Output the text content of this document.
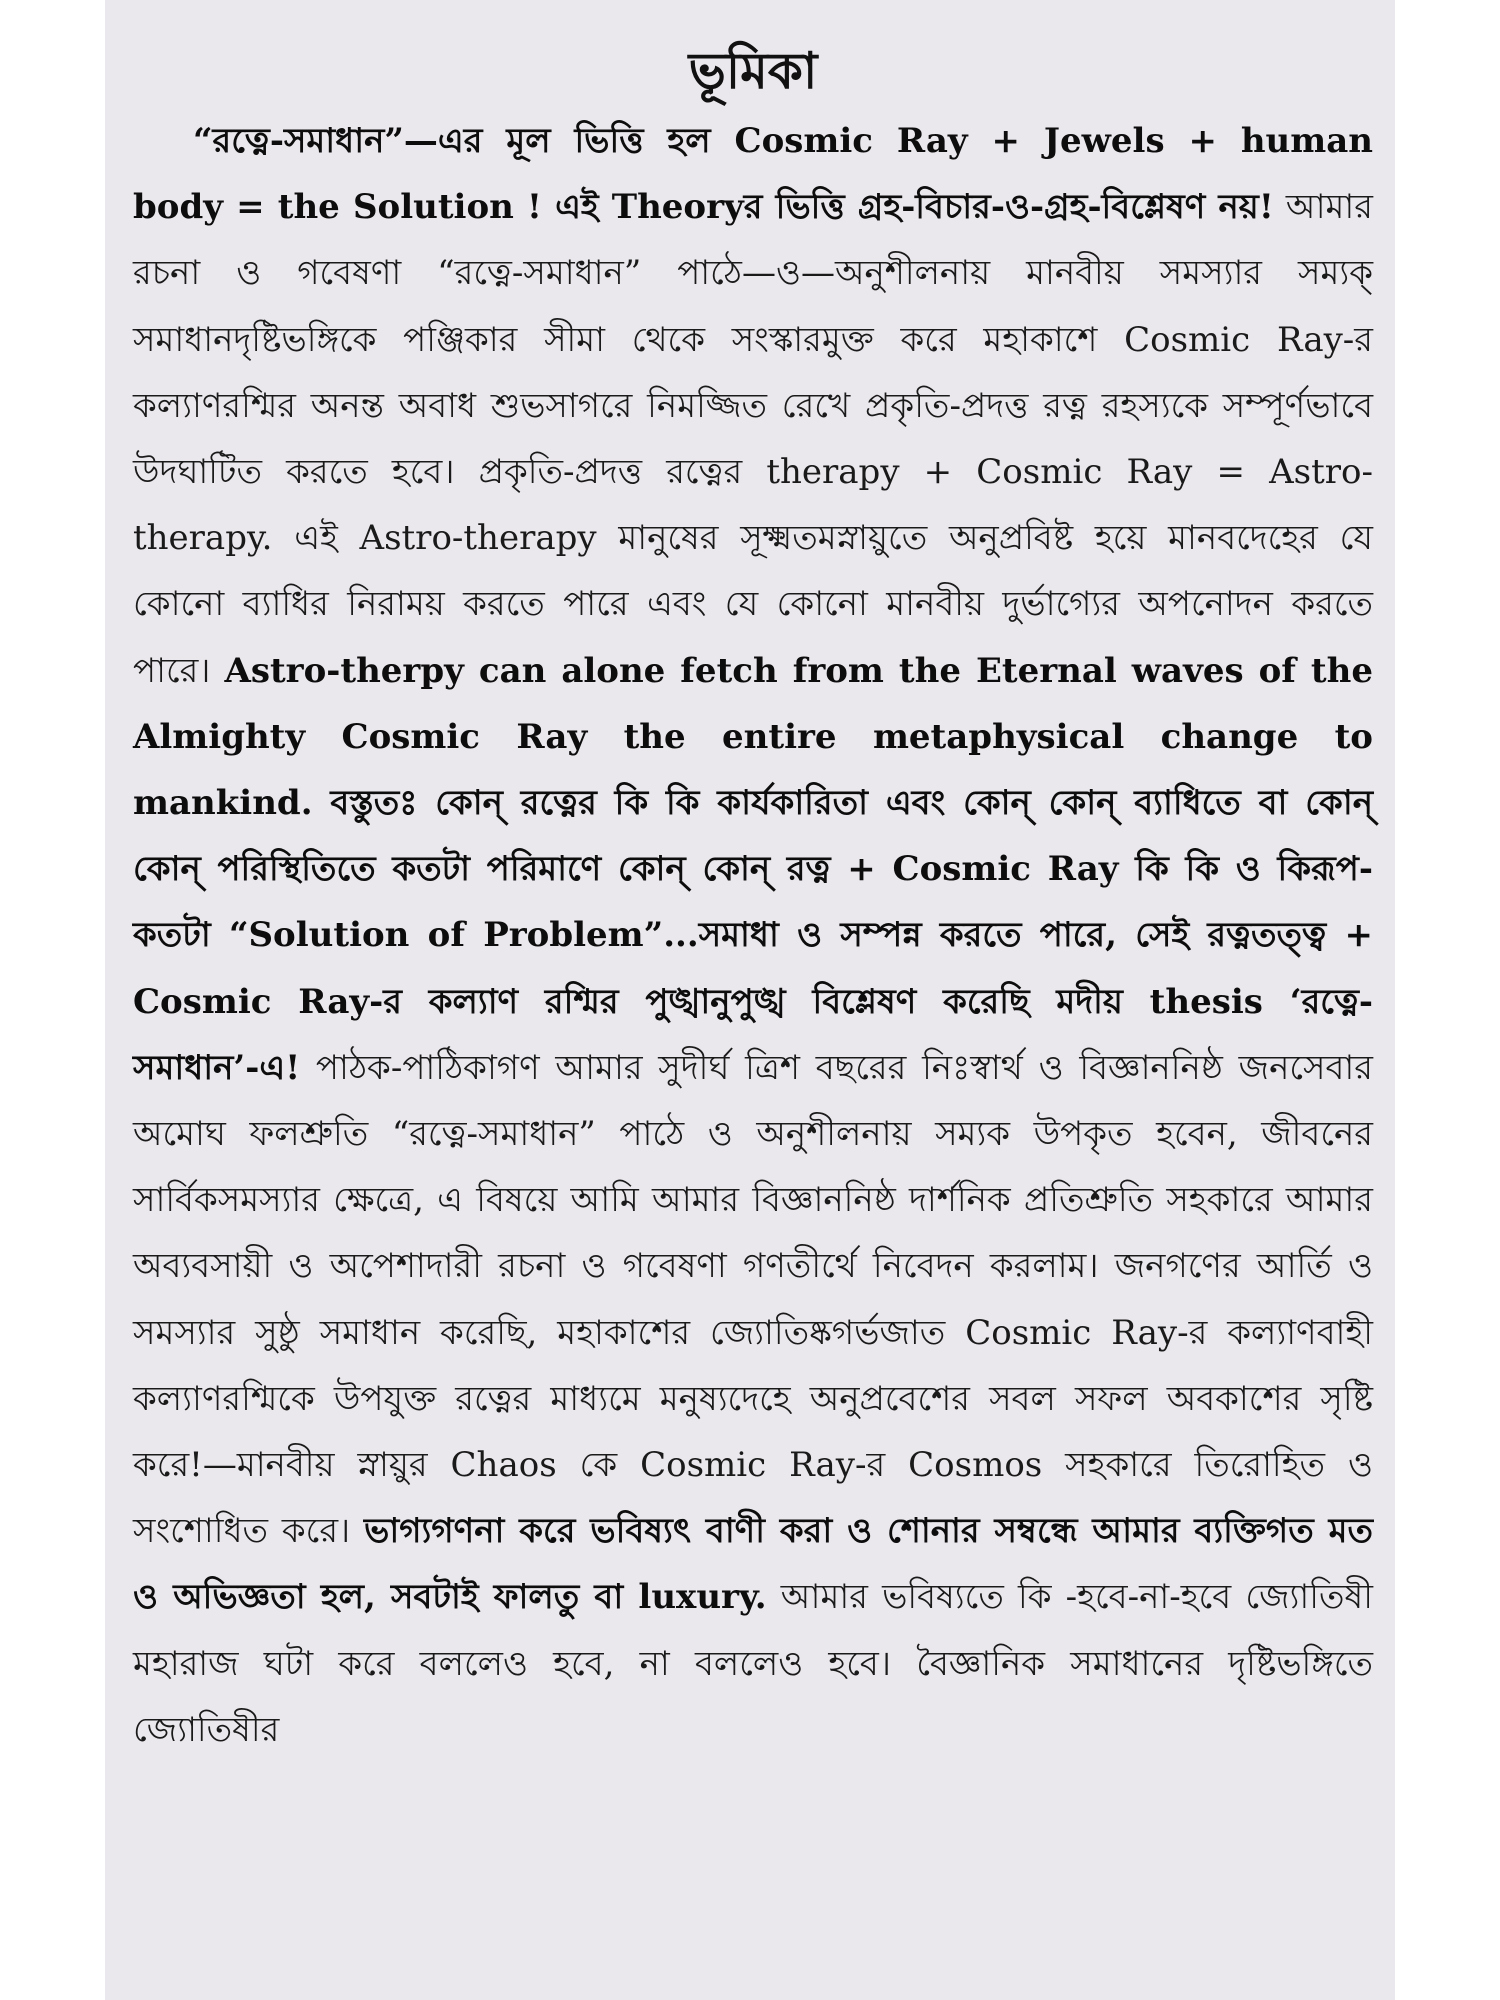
ভূমিকা

“রত্নে-সমাধান”—এর মূল ভিত্তি হল Cosmic Ray + Jewels + human body = the Solution ! এই Theoryর ভিত্তি গ্রহ-বিচার-ও-গ্রহ-বিশ্লেষণ নয়! আমার রচনা ও গবেষণা “রত্নে-সমাধান” পাঠে—ও—অনুশীলনায় মানবীয় সমস্যার সম্যক্ সমাধানদৃষ্টিভঙ্গিকে পঞ্জিকার সীমা থেকে সংস্কারমুক্ত করে মহাকাশে Cosmic Ray-র কল্যাণরশ্মির অনন্ত অবাধ শুভসাগরে নিমজ্জিত রেখে প্রকৃতি-প্রদত্ত রত্ন রহস্যকে সম্পূর্ণভাবে উদঘাটিত করতে হবে। প্রকৃতি-প্রদত্ত রত্নের therapy + Cosmic Ray = Astro-therapy. এই Astro-therapy মানুষের সূক্ষ্মতমস্নায়ুতে অনুপ্রবিষ্ট হয়ে মানবদেহের যে কোনো ব্যাধির নিরাময় করতে পারে এবং যে কোনো মানবীয় দুর্ভাগ্যের অপনোদন করতে পারে। Astro-therpy can alone fetch from the Eternal waves of the Almighty Cosmic Ray the entire metaphysical change to mankind. বস্তুতঃ কোন্ রত্নের কি কি কার্যকারিতা এবং কোন্ কোন্ ব্যাধিতে বা কোন্ কোন্ পরিস্থিতিতে কতটা পরিমাণে কোন্ কোন্ রত্ন + Cosmic Ray কি কি ও কিরূপ-কতটা “Solution of Problem”...সমাধা ও সম্পন্ন করতে পারে, সেই রত্নতত্ত্ব + Cosmic Ray-র কল্যাণ রশ্মির পুঙ্খানুপুঙ্খ বিশ্লেষণ করেছি মদীয় thesis ‘রত্নে-সমাধান’-এ! পাঠক-পাঠিকাগণ আমার সুদীর্ঘ ত্রিশ বছরের নিঃস্বার্থ ও বিজ্ঞাননিষ্ঠ জনসেবার অমোঘ ফলশ্রুতি “রত্নে-সমাধান” পাঠে ও অনুশীলনায় সম্যক উপকৃত হবেন, জীবনের সার্বিকসমস্যার ক্ষেত্রে, এ বিষয়ে আমি আমার বিজ্ঞাননিষ্ঠ দার্শনিক প্রতিশ্রুতি সহকারে আমার অব্যবসায়ী ও অপেশাদারী রচনা ও গবেষণা গণতীর্থে নিবেদন করলাম। জনগণের আর্তি ও সমস্যার সুষ্ঠু সমাধান করেছি, মহাকাশের জ্যোতিষ্কগর্ভজাত Cosmic Ray-র কল্যাণবাহী কল্যাণরশ্মিকে উপযুক্ত রত্নের মাধ্যমে মনুষ্যদেহে অনুপ্রবেশের সবল সফল অবকাশের সৃষ্টি করে!—মানবীয় স্নায়ুর Chaos কে Cosmic Ray-র Cosmos সহকারে তিরোহিত ও সংশোধিত করে। ভাগ্যগণনা করে ভবিষ্যৎ বাণী করা ও শোনার সম্বন্ধে আমার ব্যক্তিগত মত ও অভিজ্ঞতা হল, সবটাই ফালতু বা luxury. আমার ভবিষ্যতে কি -হবে-না-হবে জ্যোতিষী মহারাজ ঘটা করে বললেও হবে, না বললেও হবে। বৈজ্ঞানিক সমাধানের দৃষ্টিভঙ্গিতে জ্যোতিষীর
